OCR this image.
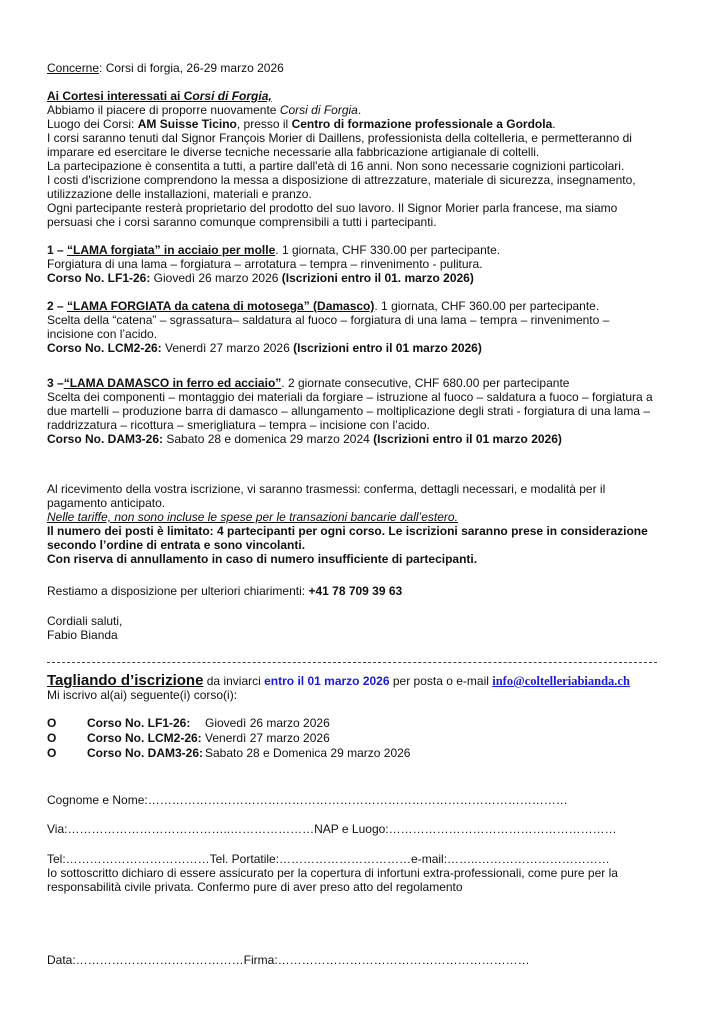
Concerne: Corsi di forgia, 26-29 marzo 2026
Ai Cortesi interessati ai Corsi di Forgia,
Abbiamo il piacere di proporre nuovamente Corsi di Forgia.
Luogo dei Corsi: AM Suisse Ticino, presso il Centro di formazione professionale a Gordola.
I corsi saranno tenuti dal Signor François Morier di Daillens, professionista della coltelleria, e permetteranno di
imparare ed esercitare le diverse tecniche necessarie alla fabbricazione artigianale di coltelli.
La partecipazione è consentita a tutti, a partire dall'età di 16 anni. Non sono necessarie cognizioni particolari.
I costi d'iscrizione comprendono la messa a disposizione di attrezzature, materiale di sicurezza, insegnamento,
utilizzazione delle installazioni, materiali e pranzo.
Ogni partecipante resterà proprietario del prodotto del suo lavoro. Il Signor Morier parla francese, ma siamo
persuasi che i corsi saranno comunque comprensibili a tutti i partecipanti.
1 – “LAMA forgiata” in acciaio per molle. 1 giornata, CHF 330.00 per partecipante.
Forgiatura di una lama – forgiatura – arrotatura – tempra – rinvenimento - pulitura.
Corso No. LF1-26: Giovedì 26 marzo 2026 (Iscrizioni entro il 01. marzo 2026)
2 – “LAMA FORGIATA da catena di motosega” (Damasco). 1 giornata, CHF 360.00 per partecipante.
Scelta della “catena” – sgrassatura– saldatura al fuoco – forgiatura di una lama – tempra – rinvenimento –
incisione con l’acido.
Corso No. LCM2-26: Venerdì 27 marzo 2026 (Iscrizioni entro il 01 marzo 2026)
3 –“LAMA DAMASCO in ferro ed acciaio”. 2 giornate consecutive, CHF 680.00 per partecipante
Scelta dei componenti – montaggio dei materiali da forgiare – istruzione al fuoco – saldatura a fuoco – forgiatura a
due martelli – produzione barra di damasco – allungamento – moltiplicazione degli strati - forgiatura di una lama –
raddrizzatura – ricottura – smerigliatura – tempra – incisione con l’acido.
Corso No. DAM3-26: Sabato 28 e domenica 29 marzo 2024 (Iscrizioni entro il 01 marzo 2026)
Al ricevimento della vostra iscrizione, vi saranno trasmessi: conferma, dettagli necessari, e modalità per il
pagamento anticipato.
Nelle tariffe, non sono incluse le spese per le transazioni bancarie dall’estero.
Il numero dei posti è limitato: 4 partecipanti per ogni corso. Le iscrizioni saranno prese in considerazione
secondo l’ordine di entrata e sono vincolanti.
Con riserva di annullamento in caso di numero insufficiente di partecipanti.
Restiamo a disposizione per ulteriori chiarimenti: +41 78 709 39 63
Cordiali saluti,
Fabio Bianda
Tagliando d’iscrizione da inviarci entro il 01 marzo 2026 per posta o e-mail info@coltelleriabianda.ch
Mi iscrivo al(ai) seguente(i) corso(i):
O	Corso No. LF1-26: Giovedì 26 marzo 2026
O	Corso No. LCM2-26: Venerdì 27 marzo 2026
O	Corso No. DAM3-26: Sabato 28 e Domenica 29 marzo 2026
Cognome e Nome:……………………………………………………………………………………………
Via:…………………………………..…………………NAP e Luogo:…………………………………………………
Tel:………………………………Tel. Portatile:……………………………e-mail:……..……………………………
Io sottoscritto dichiaro di essere assicurato per la copertura di infortuni extra-professionali, come pure per la
responsabilità civile privata. Confermo pure di aver preso atto del regolamento
Data:……………………………………Firma:………………………………………………………
